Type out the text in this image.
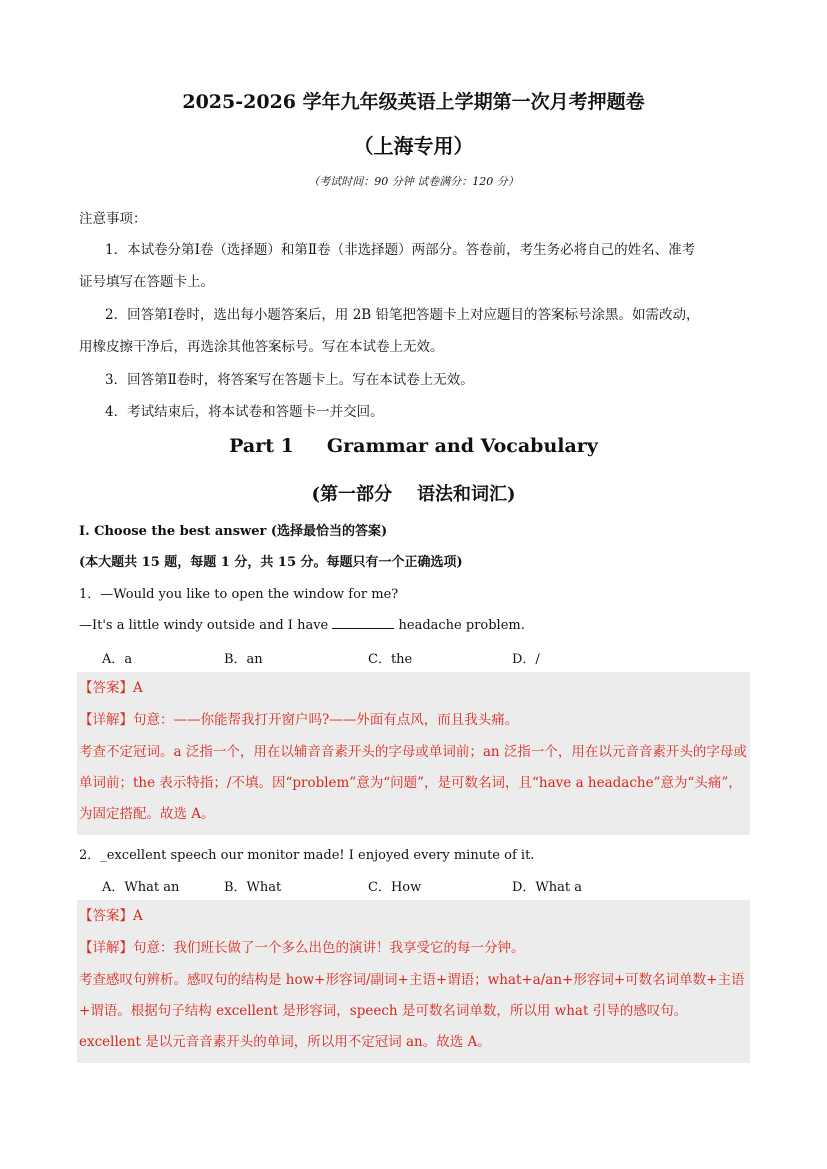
2025-2026 学年九年级英语上学期第一次月考押题卷
（上海专用）
（考试时间：90 分钟 试卷满分：120 分）
注意事项：
1．本试卷分第Ⅰ卷（选择题）和第Ⅱ卷（非选择题）两部分。答卷前，考生务必将自己的姓名、准考
证号填写在答题卡上。
2．回答第Ⅰ卷时，选出每小题答案后，用 2B 铅笔把答题卡上对应题目的答案标号涂黑。如需改动，
用橡皮擦干净后，再选涂其他答案标号。写在本试卷上无效。
3．回答第Ⅱ卷时，将答案写在答题卡上。写在本试卷上无效。
4．考试结束后，将本试卷和答题卡一并交回。
Part 1     Grammar and Vocabulary
(第一部分    语法和词汇)
I. Choose the best answer (选择最恰当的答案)
(本大题共 15 题，每题 1 分，共 15 分。每题只有一个正确选项)
1．—Would you like to open the window for me?
—It's a little windy outside and I have	headache problem.
A．a	B．an	C．the	D．/
【答案】A
【详解】句意：——你能帮我打开窗户吗?——外面有点风，而且我头痛。
考查不定冠词。a 泛指一个，用在以辅音音素开头的字母或单词前；an 泛指一个，用在以元音音素开头的字母或单词前；the 表示特指；/不填。因“problem”意为“问题”，是可数名词，且“have a headache”意为“头痛”，为固定搭配。故选 A。
2．_excellent speech our monitor made! I enjoyed every minute of it.
A．What an	B．What	C．How	D．What a
【答案】A
【详解】句意：我们班长做了一个多么出色的演讲！我享受它的每一分钟。
考查感叹句辨析。感叹句的结构是 how+形容词/副词+主语+谓语；what+a/an+形容词+可数名词单数+主语+谓语。根据句子结构 excellent 是形容词，speech 是可数名词单数，所以用 what 引导的感叹句。excellent 是以元音音素开头的单词，所以用不定冠词 an。故选 A。
